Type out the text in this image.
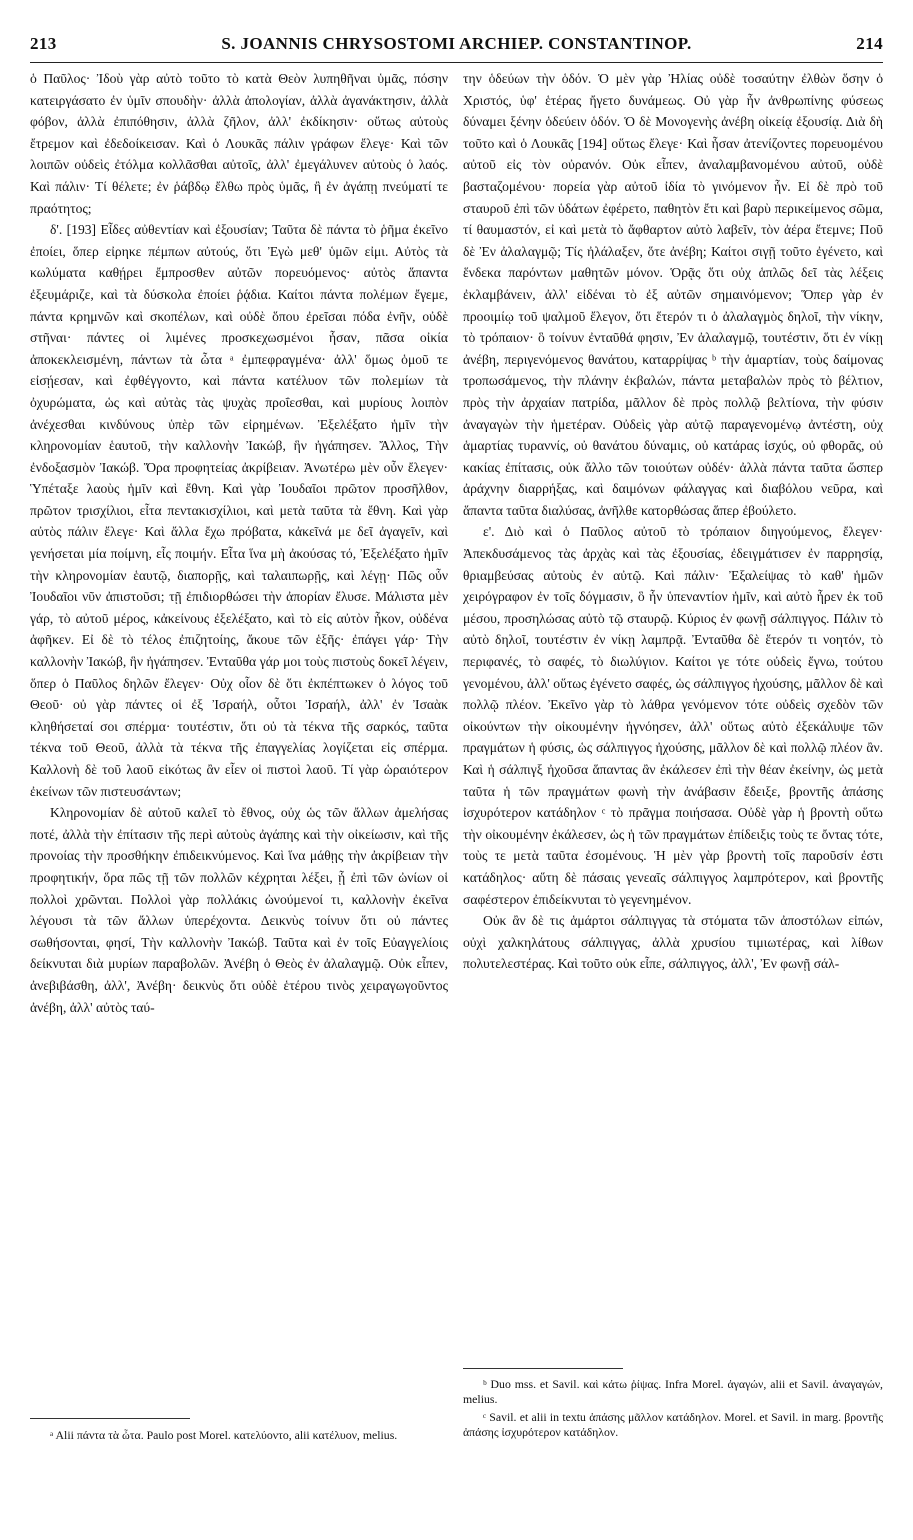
213	S. JOANNIS CHRYSOSTOMI ARCHIEP. CONSTANTINOP.	214

ὁ Παῦλος· Ἰδοὺ γὰρ αὐτὸ τοῦτο τὸ κατὰ Θεὸν λυπηθῆναι ὑμᾶς, πόσην κατειργάσατο ἐν ὑμῖν σπουδὴν· ἀλλὰ ἀπολογίαν, ἀλλὰ ἀγανάκτησιν, ἀλλὰ φόβον, ἀλλὰ ἐπιπόθησιν, ἀλλὰ ζῆλον, ἀλλ' ἐκδίκησιν· οὕτως αὐτοὺς ἔτρεμον καὶ ἐδεδοίκεισαν. Καὶ ὁ Λουκᾶς πάλιν γράφων ἔλεγε· Καὶ τῶν λοιπῶν οὐδεὶς ἐτόλμα κολλᾶσθαι αὐτοῖς, ἀλλ' ἐμεγάλυνεν αὐτοὺς ὁ λαός. Καὶ πάλιν· Τί θέλετε; ἐν ῥάβδῳ ἔλθω πρὸς ὑμᾶς, ἢ ἐν ἀγάπῃ πνεύματί τε πραότητος;

δ'. [193] Εἶδες αὐθεντίαν καὶ ἐξουσίαν; Ταῦτα δὲ πάντα τὸ ῥῆμα ἐκεῖνο ἐποίει, ὅπερ εἰρηκε πέμπων αὐτούς, ὅτι Ἐγὼ μεθ' ὑμῶν εἰμι. Αὐτὸς τὰ κωλύματα καθῄρει ἔμπροσθεν αὐτῶν πορευόμενος· αὐτὸς ἅπαντα ἐξευμάριζε, καὶ τὰ δύσκολα ἐποίει ῥᾴδια. Καίτοι πάντα πολέμων ἔγεμε, πάντα κρημνῶν καὶ σκοπέλων, καὶ οὐδὲ ὅπου ἐρεῖσαι πόδα ἐνῆν, οὐδὲ στῆναι· πάντες οἱ λιμένες προσκεχωσμένοι ἦσαν, πᾶσα οἰκία ἀποκεκλεισμένη, πάντων τὰ ὦτα ᵃ ἐμπεφραγμένα· ἀλλ' ὅμως ὁμοῦ τε εἰσῄεσαν, καὶ ἐφθέγγοντο, καὶ πάντα κατέλυον τῶν πολεμίων τὰ ὀχυρώματα, ὡς καὶ αὐτὰς τὰς ψυχὰς προΐεσθαι, καὶ μυρίους λοιπὸν ἀνέχεσθαι κινδύνους ὑπὲρ τῶν εἰρημένων. Ἐξελέξατο ἡμῖν τὴν κληρονομίαν ἑαυτοῦ, τὴν καλλονὴν Ἰακώβ, ἣν ἠγάπησεν. Ἄλλος, Τὴν ἐνδοξασμὸν Ἰακώβ. Ὅρα προφητείας ἀκρίβειαν. Ἀνωτέρω μὲν οὖν ἔλεγεν· Ὑπέταξε λαοὺς ἡμῖν καὶ ἔθνη. Καὶ γὰρ Ἰουδαῖοι πρῶτον προσῆλθον, πρῶτον τρισχίλιοι, εἶτα πεντακισχίλιοι, καὶ μετὰ ταῦτα τὰ ἔθνη. Καὶ γὰρ αὐτὸς πάλιν ἔλεγε· Καὶ ἄλλα ἔχω πρόβατα, κἀκεῖνά με δεῖ ἀγαγεῖν, καὶ γενήσεται μία ποίμνη, εἷς ποιμήν. Εἶτα ἵνα μὴ ἀκούσας τό, Ἐξελέξατο ἡμῖν τὴν κληρονομίαν ἑαυτῷ, διαπορῇς, καὶ ταλαιπωρῇς, καὶ λέγῃ· Πῶς οὖν Ἰουδαῖοι νῦν ἀπιστοῦσι; τῇ ἐπιδιορθώσει τὴν ἀπορίαν ἔλυσε. Μάλιστα μὲν γάρ, τὸ αὐτοῦ μέρος, κἀκείνους ἐξελέξατο, καὶ τὸ εἰς αὐτὸν ἧκον, οὐδένα ἀφῆκεν. Εἰ δὲ τὸ τέλος ἐπιζητοίης, ἄκουε τῶν ἑξῆς· ἐπάγει γάρ· Τὴν καλλονὴν Ἰακώβ, ἣν ἠγάπησεν. Ἐνταῦθα γάρ μοι τοὺς πιστοὺς δοκεῖ λέγειν, ὅπερ ὁ Παῦλος δηλῶν ἔλεγεν· Οὐχ οἷον δὲ ὅτι ἐκπέπτωκεν ὁ λόγος τοῦ Θεοῦ· οὐ γὰρ πάντες οἱ ἐξ Ἰσραήλ, οὗτοι Ἰσραήλ, ἀλλ' ἐν Ἰσαὰκ κληθήσεταί σοι σπέρμα· τουτέστιν, ὅτι οὐ τὰ τέκνα τῆς σαρκός, ταῦτα τέκνα τοῦ Θεοῦ, ἀλλὰ τὰ τέκνα τῆς ἐπαγγελίας λογίζεται εἰς σπέρμα. Καλλονὴ δὲ τοῦ λαοῦ εἰκότως ἂν εἶεν οἱ πιστοὶ λαοῦ. Τί γὰρ ὡραιότερον ἐκείνων τῶν πιστευσάντων;

Κληρονομίαν δὲ αὐτοῦ καλεῖ τὸ ἔθνος, οὐχ ὡς τῶν ἄλλων ἀμελήσας ποτέ, ἀλλὰ τὴν ἐπίτασιν τῆς περὶ αὐτοὺς ἀγάπης καὶ τὴν οἰκείωσιν, καὶ τῆς προνοίας τὴν προσθήκην ἐπιδεικνύμενος. Καὶ ἵνα μάθῃς τὴν ἀκρίβειαν τὴν προφητικήν, ὅρα πῶς τῇ τῶν πολλῶν κέχρηται λέξει, ᾗ ἐπὶ τῶν ὠνίων οἱ πολλοὶ χρῶνται. Πολλοὶ γὰρ πολλάκις ὠνούμενοί τι, καλλονὴν ἐκεῖνα λέγουσι τὰ τῶν ἄλλων ὑπερέχοντα. Δεικνὺς τοίνυν ὅτι οὐ πάντες σωθήσονται, φησί, Τὴν καλλονὴν Ἰακώβ. Ταῦτα καὶ ἐν τοῖς Εὐαγγελίοις δείκνυται διὰ μυρίων παραβολῶν. Ἀνέβη ὁ Θεὸς ἐν ἀλαλαγμῷ. Οὐκ εἶπεν, ἀνεβιβάσθη, ἀλλ', Ἀνέβη· δεικνὺς ὅτι οὐδὲ ἑτέρου τινὸς χειραγωγοῦντος ἀνέβη, ἀλλ' αὐτὸς ταύ-

την ὁδεύων τὴν ὁδόν. Ὁ μὲν γὰρ Ἠλίας οὐδὲ τοσαύτην ἐλθὼν ὅσην ὁ Χριστός, ὑφ' ἑτέρας ἤγετο δυνάμεως. Οὐ γὰρ ἦν ἀνθρωπίνης φύσεως δύναμει ξένην ὁδεύειν ὁδόν. Ὁ δὲ Μονογενὴς ἀνέβη οἰκείᾳ ἐξουσίᾳ. Διὰ δὴ τοῦτο καὶ ὁ Λουκᾶς [194] οὕτως ἔλεγε· Καὶ ἦσαν ἀτενίζοντες πορευομένου αὐτοῦ εἰς τὸν οὐρανόν. Οὐκ εἶπεν, ἀναλαμβανομένου αὐτοῦ, οὐδὲ βασταζομένου· πορεία γὰρ αὐτοῦ ἰδία τὸ γινόμενον ἦν. Εἰ δὲ πρὸ τοῦ σταυροῦ ἐπὶ τῶν ὑδάτων ἐφέρετο, παθητὸν ἔτι καὶ βαρὺ περικείμενος σῶμα, τί θαυμαστόν, εἰ καὶ μετὰ τὸ ἄφθαρτον αὐτὸ λαβεῖν, τὸν ἀέρα ἔτεμνε; Ποῦ δὲ Ἐν ἀλαλαγμῷ; Τίς ἠλάλαξεν, ὅτε ἀνέβη; Καίτοι σιγῇ τοῦτο ἐγένετο, καὶ ἕνδεκα παρόντων μαθητῶν μόνον. Ὁρᾷς ὅτι οὐχ ἁπλῶς δεῖ τὰς λέξεις ἐκλαμβάνειν, ἀλλ' εἰδέναι τὸ ἐξ αὐτῶν σημαινόμενον; Ὅπερ γὰρ ἐν προοιμίῳ τοῦ ψαλμοῦ ἔλεγον, ὅτι ἕτερόν τι ὁ ἀλαλαγμὸς δηλοῖ, τὴν νίκην, τὸ τρόπαιον· ὃ τοίνυν ἐνταῦθά φησιν, Ἐν ἀλαλαγμῷ, τουτέστιν, ὅτι ἐν νίκῃ ἀνέβη, περιγενόμενος θανάτου, καταρρίψας ᵇ τὴν ἁμαρτίαν, τοὺς δαίμονας τροπωσάμενος, τὴν πλάνην ἐκβαλών, πάντα μεταβαλὼν πρὸς τὸ βέλτιον, πρὸς τὴν ἀρχαίαν πατρίδα, μᾶλλον δὲ πρὸς πολλῷ βελτίονα, τὴν φύσιν ἀναγαγὼν τὴν ἡμετέραν. Οὐδεὶς γὰρ αὐτῷ παραγενομένῳ ἀντέστη, οὐχ ἁμαρτίας τυραννίς, οὐ θανάτου δύναμις, οὐ κατάρας ἰσχύς, οὐ φθορᾶς, οὐ κακίας ἐπίτασις, οὐκ ἄλλο τῶν τοιούτων οὐδέν· ἀλλὰ πάντα ταῦτα ὥσπερ ἀράχνην διαρρήξας, καὶ δαιμόνων φάλαγγας καὶ διαβόλου νεῦρα, καὶ ἅπαντα ταῦτα διαλύσας, ἀνῆλθε κατορθώσας ἅπερ ἐβούλετο.

ε'. Διὸ καὶ ὁ Παῦλος αὐτοῦ τὸ τρόπαιον διηγούμενος, ἔλεγεν· Ἀπεκδυσάμενος τὰς ἀρχὰς καὶ τὰς ἐξουσίας, ἐδειγμάτισεν ἐν παρρησίᾳ, θριαμβεύσας αὐτοὺς ἐν αὐτῷ. Καὶ πάλιν· Ἐξαλείψας τὸ καθ' ἡμῶν χειρόγραφον ἐν τοῖς δόγμασιν, ὃ ἦν ὑπεναντίον ἡμῖν, καὶ αὐτὸ ἦρεν ἐκ τοῦ μέσου, προσηλώσας αὐτὸ τῷ σταυρῷ. Κύριος ἐν φωνῇ σάλπιγγος. Πάλιν τὸ αὐτὸ δηλοῖ, τουτέστιν ἐν νίκῃ λαμπρᾷ. Ἐνταῦθα δὲ ἕτερόν τι νοητόν, τὸ περιφανές, τὸ σαφές, τὸ διωλύγιον. Καίτοι γε τότε οὐδεὶς ἔγνω, τούτου γενομένου, ἀλλ' οὕτως ἐγένετο σαφές, ὡς σάλπιγγος ἠχούσης, μᾶλλον δὲ καὶ πολλῷ πλέον. Ἐκεῖνο γὰρ τὸ λάθρα γενόμενον τότε οὐδεὶς σχεδὸν τῶν οἰκούντων τὴν οἰκουμένην ἠγνόησεν, ἀλλ' οὕτως αὐτὸ ἐξεκάλυψε τῶν πραγμάτων ἡ φύσις, ὡς σάλπιγγος ἠχούσης, μᾶλλον δὲ καὶ πολλῷ πλέον ἂν. Καὶ ἡ σάλπιγξ ἠχοῦσα ἅπαντας ἂν ἐκάλεσεν ἐπὶ τὴν θέαν ἐκείνην, ὡς μετὰ ταῦτα ἡ τῶν πραγμάτων φωνὴ τὴν ἀνάβασιν ἔδειξε, βροντῆς ἁπάσης ἰσχυρότερον κατάδηλον ᶜ τὸ πρᾶγμα ποιήσασα. Οὐδὲ γὰρ ἡ βροντὴ οὕτω τὴν οἰκουμένην ἐκάλεσεν, ὡς ἡ τῶν πραγμάτων ἐπίδειξις τοὺς τε ὄντας τότε, τοὺς τε μετὰ ταῦτα ἐσομένους. Ἡ μὲν γὰρ βροντὴ τοῖς παροῦσίν ἐστι κατάδηλος· αὕτη δὲ πάσαις γενεαῖς σάλπιγγος λαμπρότερον, καὶ βροντῆς σαφέστερον ἐπιδείκνυται τὸ γεγενημένον.

Οὐκ ἂν δὲ τις ἁμάρτοι σάλπιγγας τὰ στόματα τῶν ἀποστόλων εἰπών, οὐχὶ χαλκηλάτους σάλπιγγας, ἀλλὰ χρυσίου τιμιωτέρας, καὶ λίθων πολυτελεστέρας. Καὶ τοῦτο οὐκ εἶπε, σάλπιγγος, ἀλλ', Ἐν φωνῇ σάλ-

ᵃ Alii πάντα τὰ ὦτα. Paulo post Morel. κατελύοντο, alii κατέλυον, melius.

ᵇ Duo mss. et Savil. καὶ κάτω ῥίψας. Infra Morel. ἀγαγών, alii et Savil. ἀναγαγών, melius.

ᶜ Savil. et alii in textu ἁπάσης μᾶλλον κατάδηλον. Morel. et Savil. in marg. βροντῆς ἁπάσης ἰσχυρότερον κατάδηλον.
